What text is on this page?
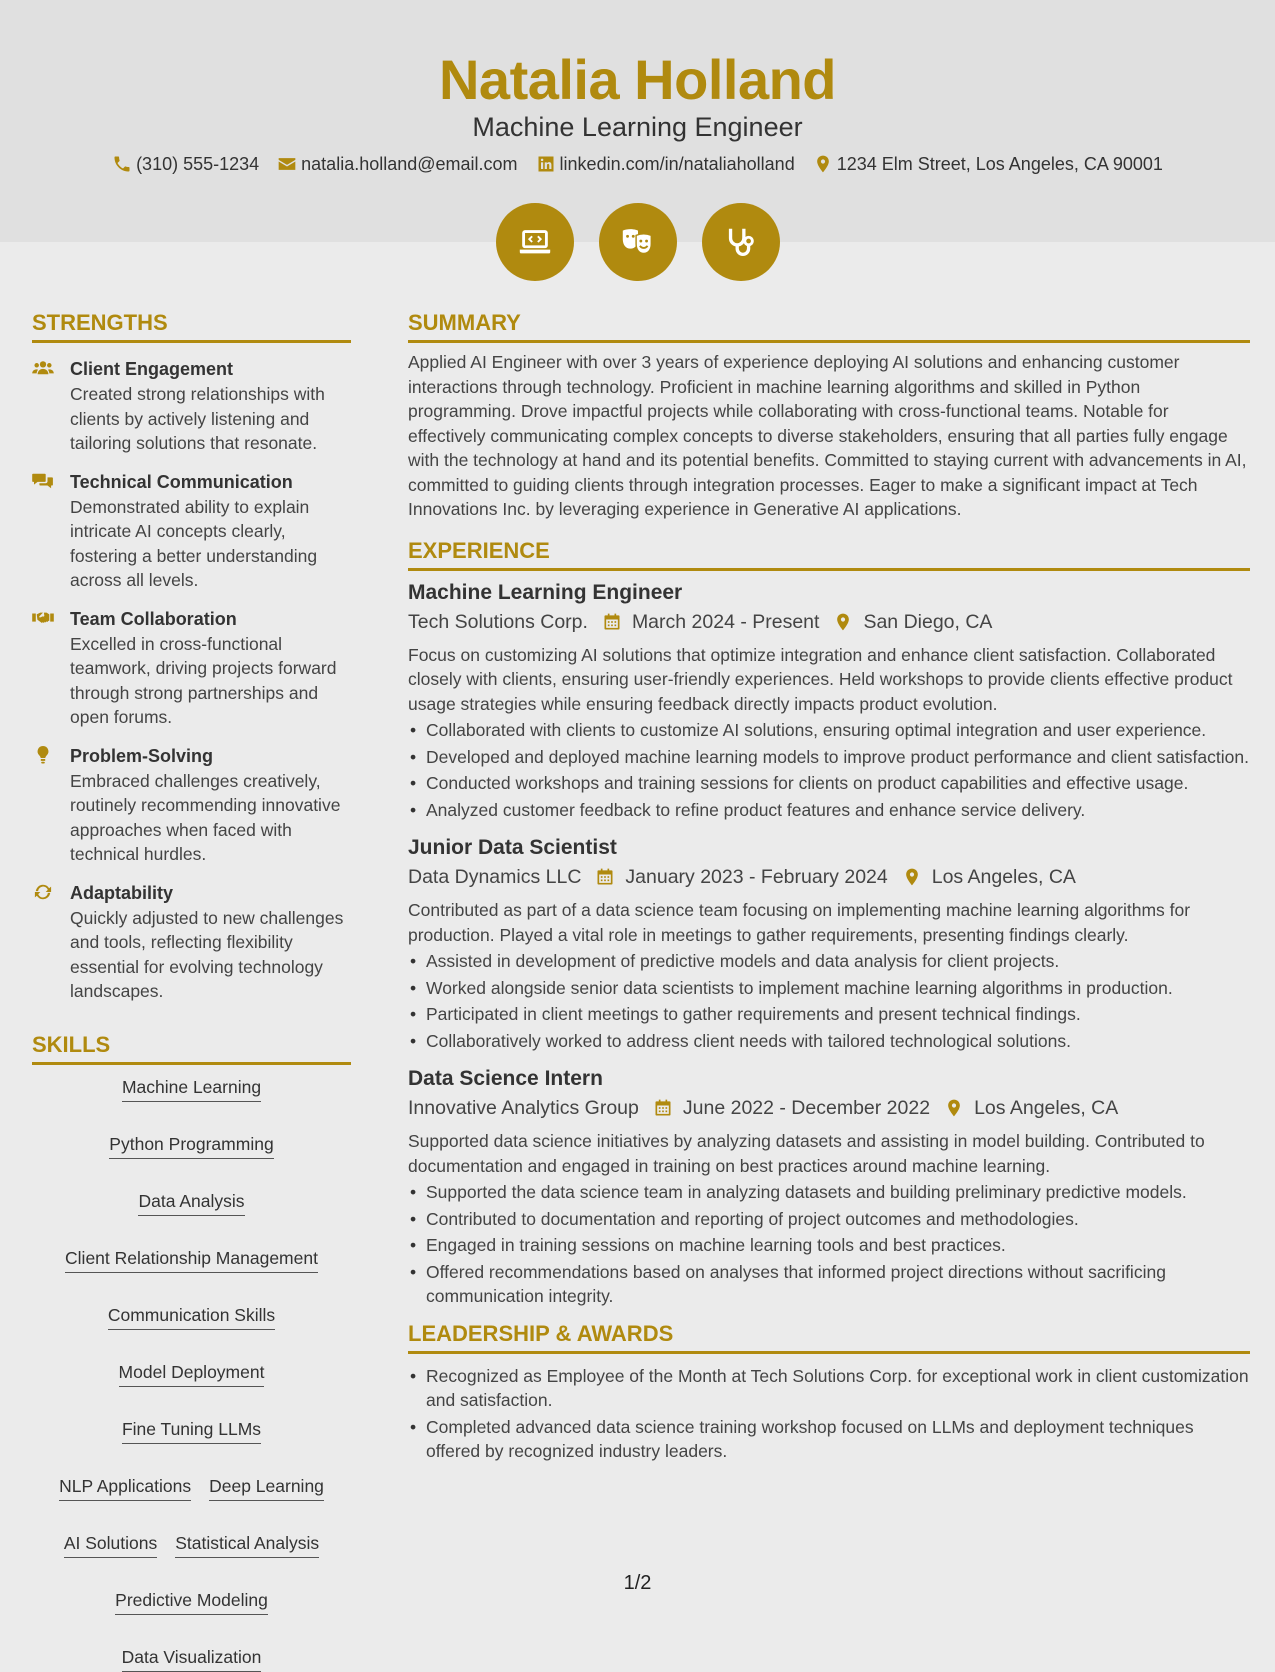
Natalia Holland
Machine Learning Engineer
(310) 555-1234 natalia.holland@email.com linkedin.com/in/nataliaholland 1234 Elm Street, Los Angeles, CA 90001
STRENGTHS
Client Engagement
Created strong relationships with clients by actively listening and tailoring solutions that resonate.
Technical Communication
Demonstrated ability to explain intricate AI concepts clearly, fostering a better understanding across all levels.
Team Collaboration
Excelled in cross-functional teamwork, driving projects forward through strong partnerships and open forums.
Problem-Solving
Embraced challenges creatively, routinely recommending innovative approaches when faced with technical hurdles.
Adaptability
Quickly adjusted to new challenges and tools, reflecting flexibility essential for evolving technology landscapes.
SKILLS
Machine Learning
Python Programming
Data Analysis
Client Relationship Management
Communication Skills
Model Deployment
Fine Tuning LLMs
NLP Applications Deep Learning
AI Solutions Statistical Analysis
Predictive Modeling
Data Visualization
SUMMARY
Applied AI Engineer with over 3 years of experience deploying AI solutions and enhancing customer interactions through technology. Proficient in machine learning algorithms and skilled in Python programming. Drove impactful projects while collaborating with cross-functional teams. Notable for effectively communicating complex concepts to diverse stakeholders, ensuring that all parties fully engage with the technology at hand and its potential benefits. Committed to staying current with advancements in AI, committed to guiding clients through integration processes. Eager to make a significant impact at Tech Innovations Inc. by leveraging experience in Generative AI applications.
EXPERIENCE
Machine Learning Engineer
Tech Solutions Corp. March 2024 - Present San Diego, CA
Focus on customizing AI solutions that optimize integration and enhance client satisfaction. Collaborated closely with clients, ensuring user-friendly experiences. Held workshops to provide clients effective product usage strategies while ensuring feedback directly impacts product evolution.
• Collaborated with clients to customize AI solutions, ensuring optimal integration and user experience.
• Developed and deployed machine learning models to improve product performance and client satisfaction.
• Conducted workshops and training sessions for clients on product capabilities and effective usage.
• Analyzed customer feedback to refine product features and enhance service delivery.
Junior Data Scientist
Data Dynamics LLC January 2023 - February 2024 Los Angeles, CA
Contributed as part of a data science team focusing on implementing machine learning algorithms for production. Played a vital role in meetings to gather requirements, presenting findings clearly.
• Assisted in development of predictive models and data analysis for client projects.
• Worked alongside senior data scientists to implement machine learning algorithms in production.
• Participated in client meetings to gather requirements and present technical findings.
• Collaboratively worked to address client needs with tailored technological solutions.
Data Science Intern
Innovative Analytics Group June 2022 - December 2022 Los Angeles, CA
Supported data science initiatives by analyzing datasets and assisting in model building. Contributed to documentation and engaged in training on best practices around machine learning.
• Supported the data science team in analyzing datasets and building preliminary predictive models.
• Contributed to documentation and reporting of project outcomes and methodologies.
• Engaged in training sessions on machine learning tools and best practices.
• Offered recommendations based on analyses that informed project directions without sacrificing communication integrity.
LEADERSHIP & AWARDS
• Recognized as Employee of the Month at Tech Solutions Corp. for exceptional work in client customization and satisfaction.
• Completed advanced data science training workshop focused on LLMs and deployment techniques offered by recognized industry leaders.
1/2
